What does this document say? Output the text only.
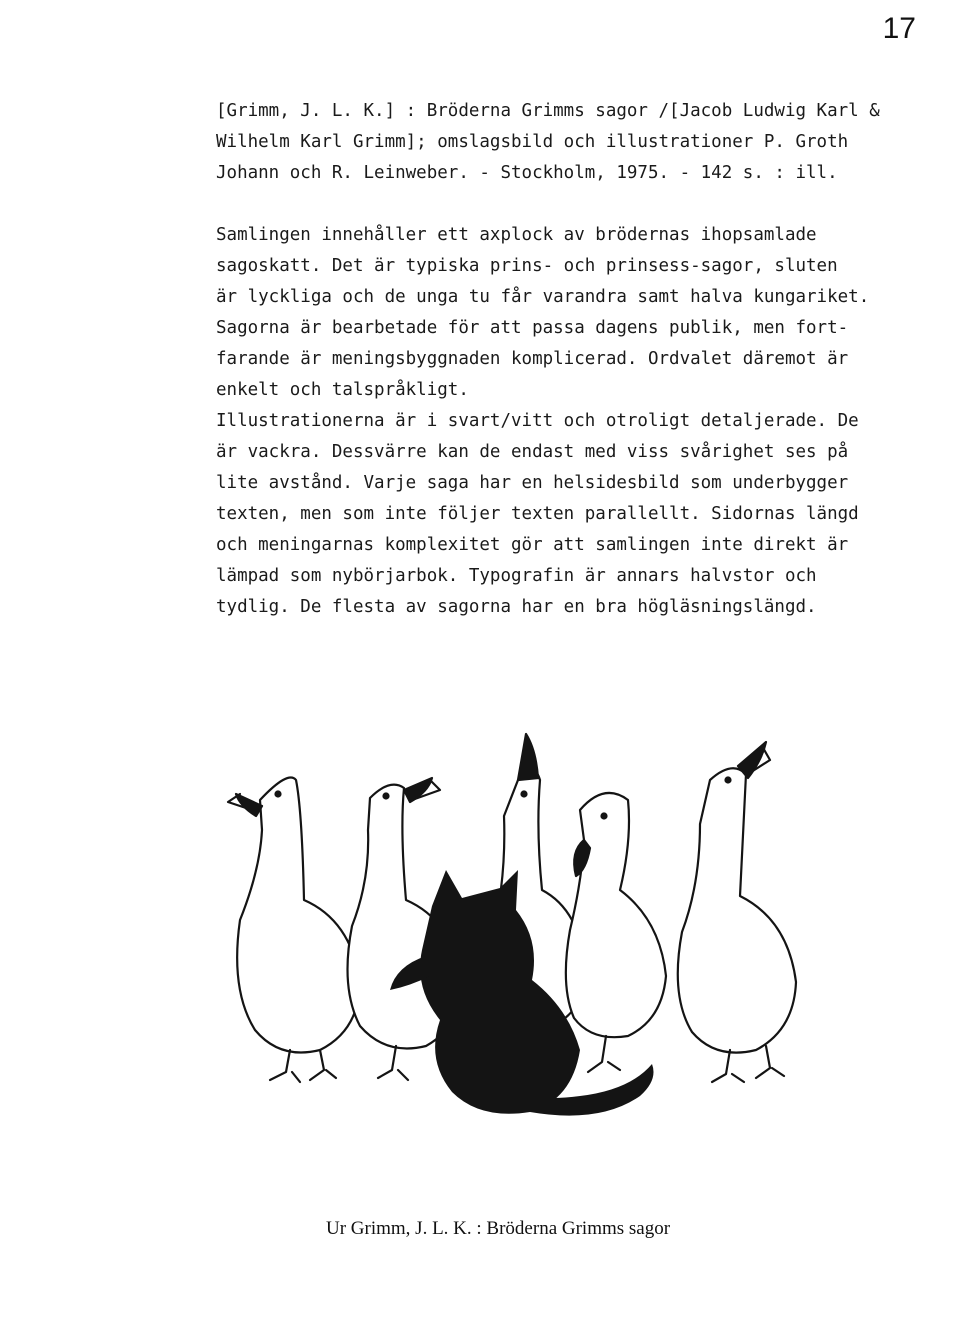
17
[Grimm, J. L. K.] : Bröderna Grimms sagor /[Jacob Ludwig Karl &
Wilhelm Karl Grimm]; omslagsbild och illustrationer P. Groth
Johann och R. Leinweber. - Stockholm, 1975. - 142 s. : ill.
Samlingen innehåller ett axplock av brödernas ihopsamlade
sagoskatt. Det är typiska prins- och prinsess-sagor, sluten
är lyckliga och de unga tu får varandra samt halva kungariket.
Sagorna är bearbetade för att passa dagens publik, men fort-
farande är meningsbyggnaden komplicerad. Ordvalet däremot är
enkelt och talspråkligt.
Illustrationerna är i svart/vitt och otroligt detaljerade. De
är vackra. Dessvärre kan de endast med viss svårighet ses på
lite avstånd. Varje saga har en helsidesbild som underbygger
texten, men som inte följer texten parallellt. Sidornas längd
och meningarnas komplexitet gör att samlingen inte direkt är
lämpad som nybörjarbok. Typografin är annars halvstor och
tydlig. De flesta av sagorna har en bra högläsningslängd.
Ur Grimm, J. L. K. : Bröderna Grimms sagor
